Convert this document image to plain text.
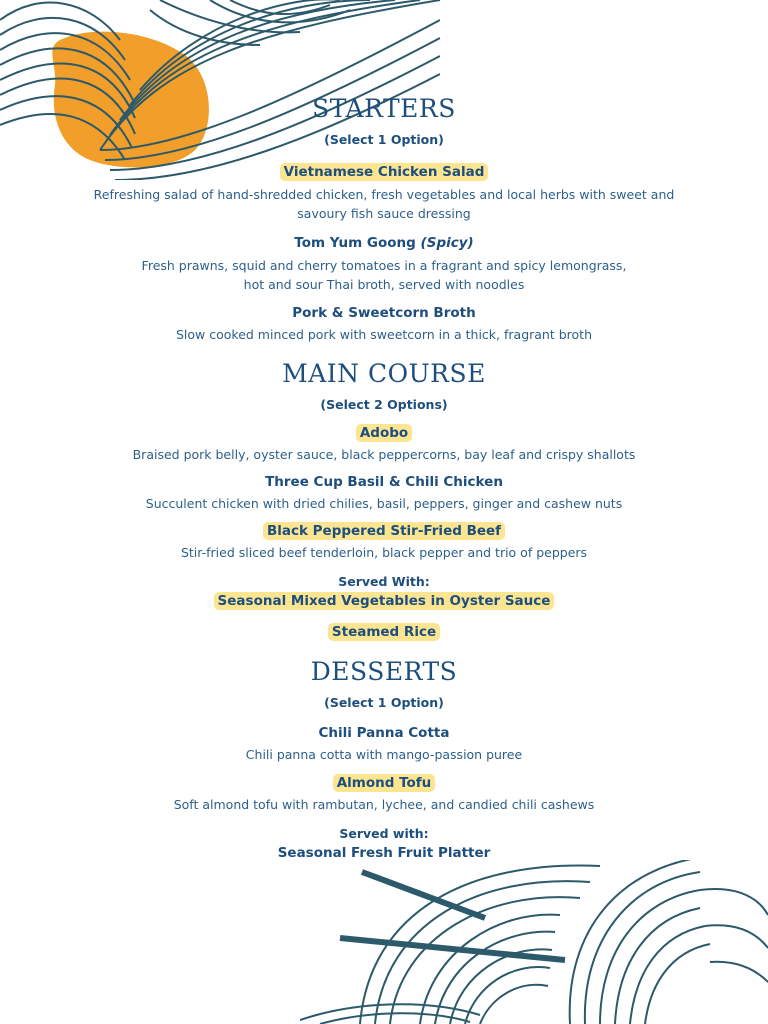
STARTERS
(Select 1 Option)
Vietnamese Chicken Salad
Refreshing salad of hand-shredded chicken, fresh vegetables and local herbs with sweet and
savoury fish sauce dressing
Tom Yum Goong (Spicy)
Fresh prawns, squid and cherry tomatoes in a fragrant and spicy lemongrass,
hot and sour Thai broth, served with noodles
Pork & Sweetcorn Broth
Slow cooked minced pork with sweetcorn in a thick, fragrant broth
MAIN COURSE
(Select 2 Options)
Adobo
Braised pork belly, oyster sauce, black peppercorns, bay leaf and crispy shallots
Three Cup Basil & Chili Chicken
Succulent chicken with dried chilies, basil, peppers, ginger and cashew nuts
Black Peppered Stir-Fried Beef
Stir-fried sliced beef tenderloin, black pepper and trio of peppers
Served With:
Seasonal Mixed Vegetables in Oyster Sauce
Steamed Rice
DESSERTS
(Select 1 Option)
Chili Panna Cotta
Chili panna cotta with mango-passion puree
Almond Tofu
Soft almond tofu with rambutan, lychee, and candied chili cashews
Served with:
Seasonal Fresh Fruit Platter
